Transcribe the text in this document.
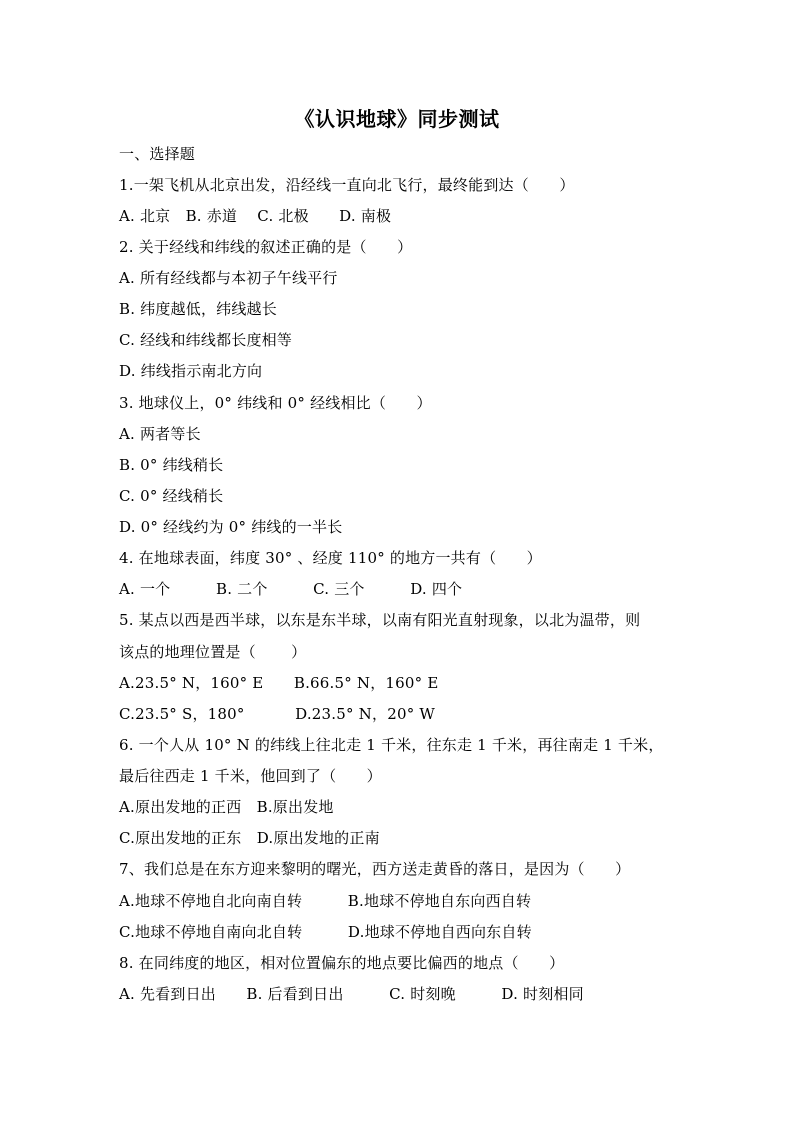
《认识地球》同步测试
一、选择题
1.一架飞机从北京出发，沿经线一直向北飞行，最终能到达（　　）
A. 北京　B. 赤道　 C. 北极　　D. 南极
2. 关于经线和纬线的叙述正确的是（　　）
A. 所有经线都与本初子午线平行
B. 纬度越低，纬线越长
C. 经线和纬线都长度相等
D. 纬线指示南北方向
3. 地球仪上，0° 纬线和 0° 经线相比（　　）
A. 两者等长
B. 0° 纬线稍长
C. 0° 经线稍长
D. 0° 经线约为 0° 纬线的一半长
4. 在地球表面，纬度 30° 、经度 110° 的地方一共有（　　）
A. 一个　　　B. 二个　　　C. 三个　　　D. 四个
5. 某点以西是西半球，以东是东半球，以南有阳光直射现象，以北为温带，则
该点的地理位置是（　　 ）
A.23.5° N，160° E　　B.66.5° N，160° E
C.23.5° S，180°　　　 D.23.5° N，20° W
6. 一个人从 10° N 的纬线上往北走 1 千米，往东走 1 千米，再往南走 1 千米，
最后往西走 1 千米，他回到了（　　）
A.原出发地的正西　B.原出发地
C.原出发地的正东　D.原出发地的正南
7、我们总是在东方迎来黎明的曙光，西方送走黄昏的落日，是因为（　　）
A.地球不停地自北向南自转　　　B.地球不停地自东向西自转
C.地球不停地自南向北自转　　　D.地球不停地自西向东自转
8. 在同纬度的地区，相对位置偏东的地点要比偏西的地点（　　）
A. 先看到日出　　B. 后看到日出　　　C. 时刻晚　　　D. 时刻相同
